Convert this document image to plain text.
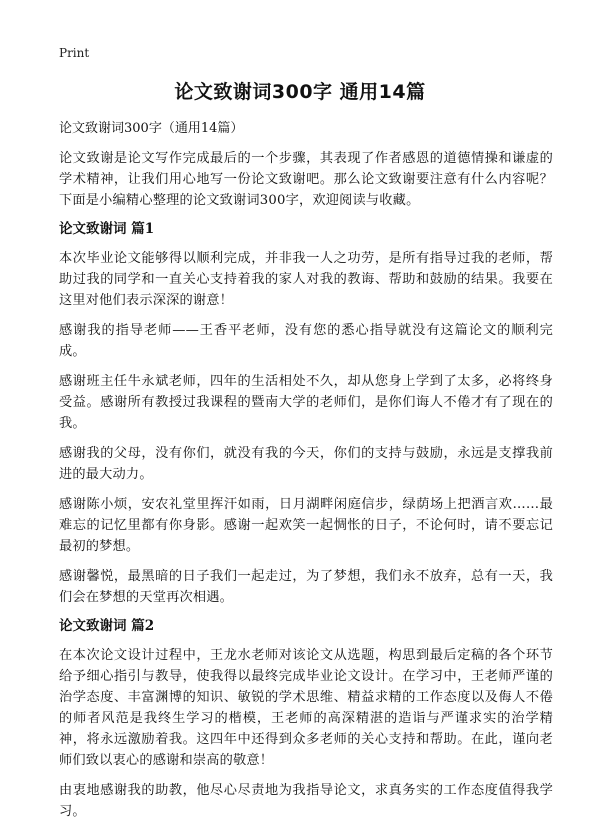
Print
论文致谢词300字 通用14篇

论文致谢词300字（通用14篇）

论文致谢是论文写作完成最后的一个步骤，其表现了作者感恩的道德情操和谦虚的学术精神，让我们用心地写一份论文致谢吧。那么论文致谢要注意有什么内容呢？下面是小编精心整理的论文致谢词300字，欢迎阅读与收藏。

论文致谢词 篇1

本次毕业论文能够得以顺利完成，并非我一人之功劳，是所有指导过我的老师，帮助过我的同学和一直关心支持着我的家人对我的教诲、帮助和鼓励的结果。我要在这里对他们表示深深的谢意！

感谢我的指导老师——王香平老师，没有您的悉心指导就没有这篇论文的顺利完成。

感谢班主任牛永斌老师，四年的生活相处不久，却从您身上学到了太多，必将终身受益。感谢所有教授过我课程的暨南大学的老师们，是你们诲人不倦才有了现在的我。

感谢我的父母，没有你们，就没有我的今天，你们的支持与鼓励，永远是支撑我前进的最大动力。

感谢陈小烦，安农礼堂里挥汗如雨，日月湖畔闲庭信步，绿荫场上把酒言欢……最难忘的记忆里都有你身影。感谢一起欢笑一起惆怅的日子，不论何时，请不要忘记最初的梦想。

感谢馨悦，最黑暗的日子我们一起走过，为了梦想，我们永不放弃，总有一天，我们会在梦想的天堂再次相遇。

论文致谢词 篇2

在本次论文设计过程中，王龙水老师对该论文从选题，构思到最后定稿的各个环节给予细心指引与教导，使我得以最终完成毕业论文设计。在学习中，王老师严谨的治学态度、丰富渊博的知识、敏锐的学术思维、精益求精的工作态度以及侮人不倦的师者风范是我终生学习的楷模，王老师的高深精湛的造诣与严谨求实的治学精神，将永远激励着我。这四年中还得到众多老师的关心支持和帮助。在此，谨向老师们致以衷心的感谢和崇高的敬意！

由衷地感谢我的助教，他尽心尽责地为我指导论文，求真务实的工作态度值得我学习。
